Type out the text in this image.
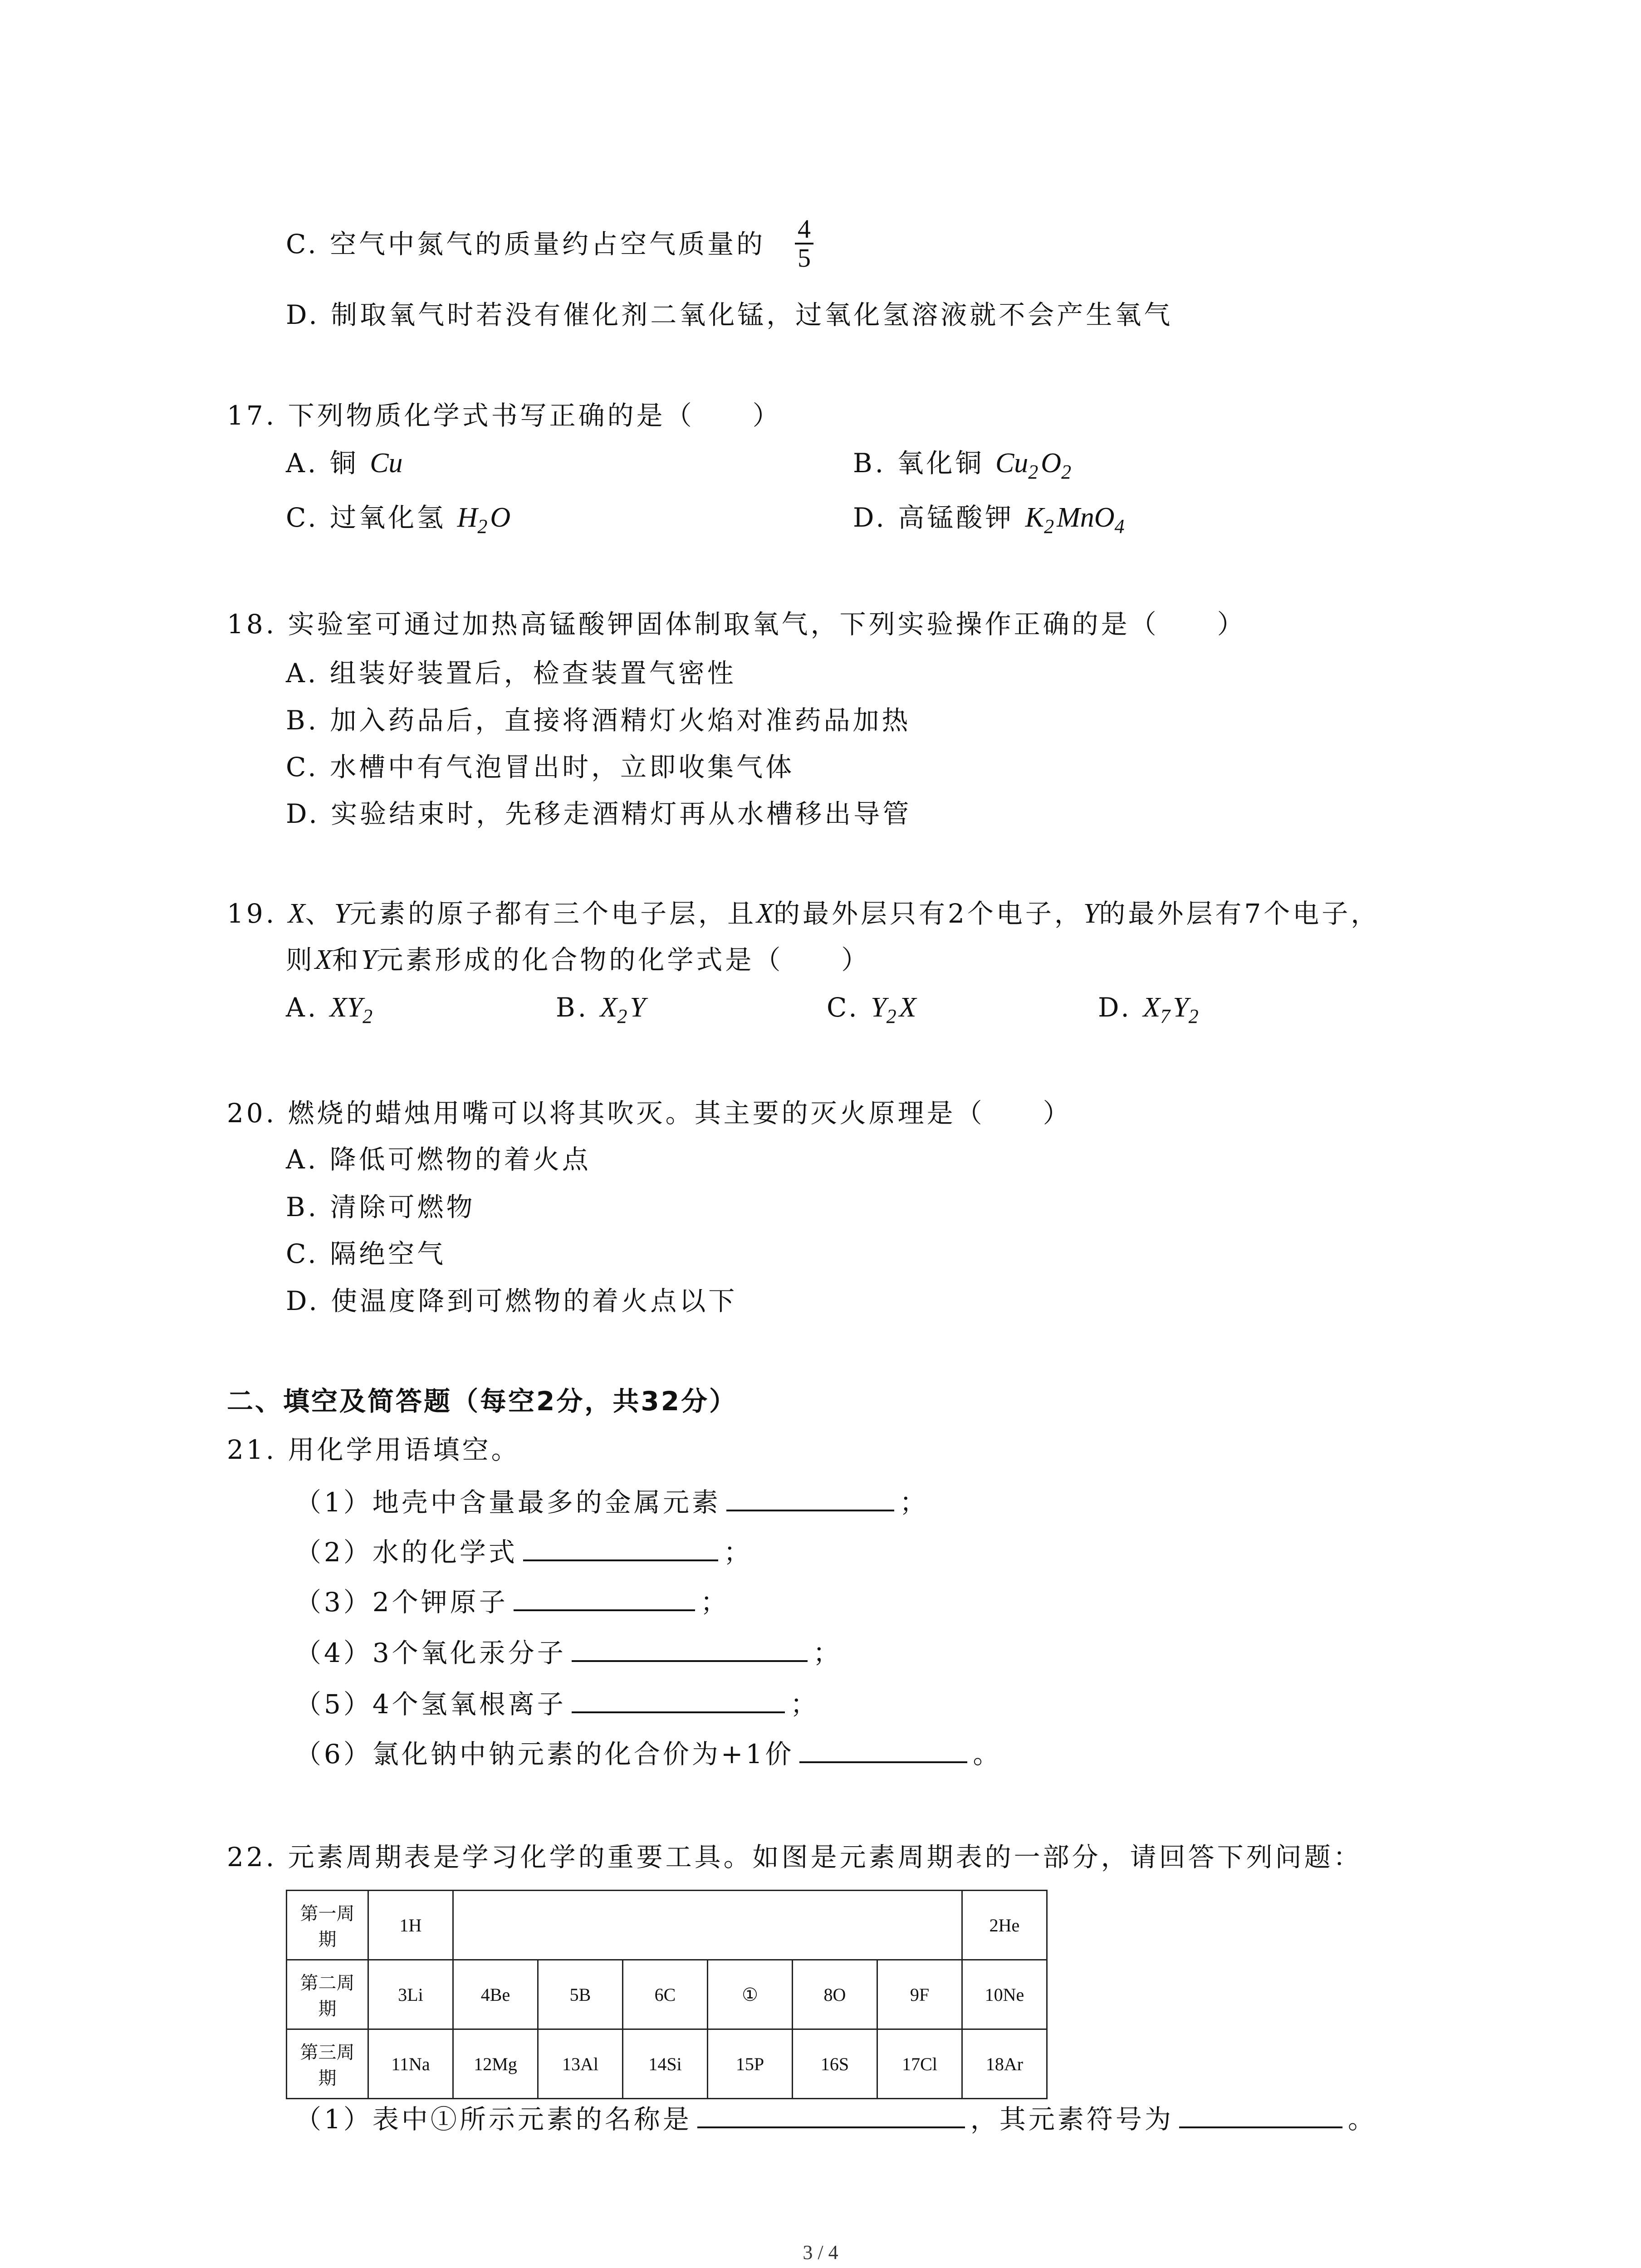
C. 空气中氮气的质量约占空气质量的 $\frac{4}{5}$
D. 制取氧气时若没有催化剂二氧化锰，过氧化氢溶液就不会产生氧气
17. 下列物质化学式书写正确的是（　　）
A. 铜 Cu	B. 氧化铜 $Cu_2O_2$
C. 过氧化氢 $H_2O$	D. 高锰酸钾 $K_2MnO_4$
18. 实验室可通过加热高锰酸钾固体制取氧气，下列实验操作正确的是（　　）
A. 组装好装置后，检查装置气密性
B. 加入药品后，直接将酒精灯火焰对准药品加热
C. 水槽中有气泡冒出时，立即收集气体
D. 实验结束时，先移走酒精灯再从水槽移出导管
19. X、Y元素的原子都有三个电子层，且X的最外层只有2个电子，Y的最外层有7个电子，
则X和Y元素形成的化合物的化学式是（　　）
A. $XY_2$	B. $X_2Y$	C. $Y_2X$	D. $X_7Y_2$
20. 燃烧的蜡烛用嘴可以将其吹灭。其主要的灭火原理是（　　）
A. 降低可燃物的着火点
B. 清除可燃物
C. 隔绝空气
D. 使温度降到可燃物的着火点以下
二、填空及简答题（每空2分，共32分）
21. 用化学用语填空。
（1）地壳中含量最多的金属元素	；
（2）水的化学式	；
（3）2个钾原子	；
（4）3个氧化汞分子	；
（5）4个氢氧根离子	；
（6）氯化钠中钠元素的化合价为+1价	。
22. 元素周期表是学习化学的重要工具。如图是元素周期表的一部分，请回答下列问题：
第一周
期	1H							2He
第二周
期	3Li	4Be	5B	6C	①	8O	9F	10Ne
第三周
期	11Na	12Mg	13Al	14Si	15P	16S	17Cl	18Ar
（1）表中①所示元素的名称是	，其元素符号为	。
3 / 4
